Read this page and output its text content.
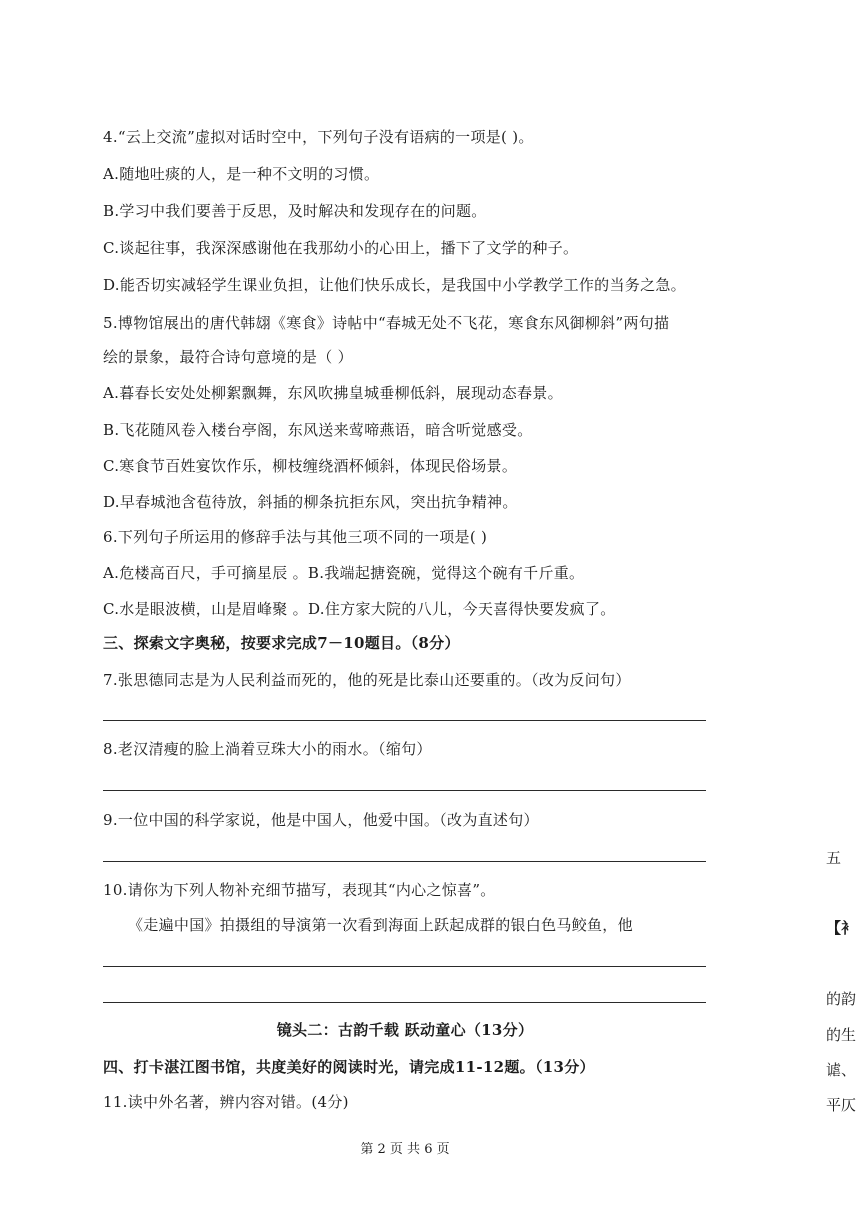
4.“云上交流”虚拟对话时空中，下列句子没有语病的一项是( )。
A.随地吐痰的人，是一种不文明的习惯。
B.学习中我们要善于反思，及时解决和发现存在的问题。
C.谈起往事，我深深感谢他在我那幼小的心田上，播下了文学的种子。
D.能否切实减轻学生课业负担，让他们快乐成长，是我国中小学教学工作的当务之急。
5.博物馆展出的唐代韩翃《寒食》诗帖中“春城无处不飞花，寒食东风御柳斜”两句描
绘的景象，最符合诗句意境的是（ ）
A.暮春长安处处柳絮飘舞，东风吹拂皇城垂柳低斜，展现动态春景。
B.飞花随风卷入楼台亭阁，东风送来莺啼燕语，暗含听觉感受。
C.寒食节百姓宴饮作乐，柳枝缠绕酒杯倾斜，体现民俗场景。
D.早春城池含苞待放，斜插的柳条抗拒东风，突出抗争精神。
6.下列句子所运用的修辞手法与其他三项不同的一项是( )
A.危楼高百尺，手可摘星辰 。B.我端起搪瓷碗，觉得这个碗有千斤重。
C.水是眼波横，山是眉峰聚 。D.住方家大院的八儿，今天喜得快要发疯了。
三、探索文字奥秘，按要求完成7－10题目。（8分）
7.张思德同志是为人民利益而死的，他的死是比泰山还要重的。（改为反问句）
8.老汉清瘦的脸上淌着豆珠大小的雨水。（缩句）
9.一位中国的科学家说，他是中国人，他爱中国。（改为直述句）
10.请你为下列人物补充细节描写，表现其“内心之惊喜”。
《走遍中国》拍摄组的导演第一次看到海面上跃起成群的银白色马鲛鱼，他
镜头二：古韵千载 跃动童心（13分）
四、打卡湛江图书馆，共度美好的阅读时光，请完成11-12题。（13分）
11.读中外名著，辨内容对错。(4分)
第 2 页 共 6 页
五
【衤
的韵
的生
谑、
平仄
